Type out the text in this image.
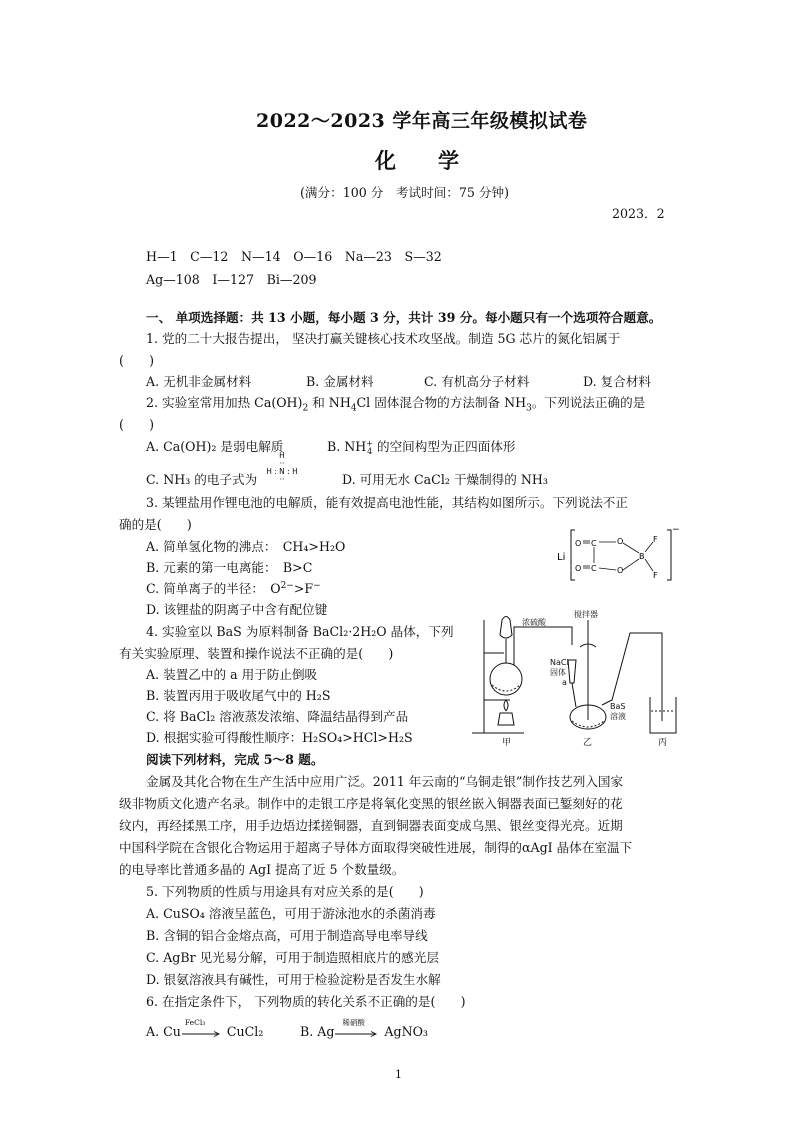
2022～2023 学年高三年级模拟试卷
化　　学
(满分：100 分　考试时间：75 分钟)
2023．2
H—1　C—12　N—14　O—16　Na—23　S—32
Ag—108　I—127　Bi—209
一、 单项选择题：共 13 小题，每小题 3 分，共计 39 分。每小题只有一个选项符合题意。
1. 党的二十大报告提出， 坚决打赢关键核心技术攻坚战。制造 5G 芯片的氮化铝属于
(　　)
A. 无机非金属材料	B. 金属材料	C. 有机高分子材料	D. 复合材料
2. 实验室常用加热 $Ca(OH)_2$ 和 $NH_4Cl$ 固体混合物的方法制备 $NH_3$。下列说法正确的是
(　　)
A. Ca(OH)₂ 是弱电解质	B. NH +
4 的空间构型为正四面体形
C. NH₃ 的电子式为
H
··
H : N : H
··	D. 可用无水 CaCl₂ 干燥制得的 NH₃
3. 某锂盐用作锂电池的电解质，能有效提高电池性能，其结构如图所示。下列说法不正
确的是(　　)
A. 简单氢化物的沸点：　CH₄>H₂O
B. 元素的第一电离能：　B>C
C. 简单离子的半径：　$O^{2-}>F^-$
D. 该锂盐的阴离子中含有配位键
Li
−
C
C
O
O
O
O
B
F
F
4. 实验室以 BaS 为原料制备 BaCl₂·2H₂O 晶体，下列
有关实验原理、装置和操作说法不正确的是(　　)
A. 装置乙中的 a 用于防止倒吸
B. 装置丙用于吸收尾气中的 H₂S
C. 将 BaCl₂ 溶液蒸发浓缩、降温结晶得到产品
D. 根据实验可得酸性顺序：H₂SO₄>HCl>H₂S
浓硫酸
搅拌器
NaCl
固体
a
BaS
溶液
甲	乙	丙
阅读下列材料，完成 5～8 题。
金属及其化合物在生产生活中应用广泛。2011 年云南的“乌铜走银”制作技艺列入国家
级非物质文化遗产名录。制作中的走银工序是将氧化变黑的银丝嵌入铜器表面已錾刻好的花
纹内，再经揉黑工序，用手边焐边揉搓铜器，直到铜器表面变成乌黑、银丝变得光亮。近期
中国科学院在含银化合物运用于超离子导体方面取得突破性进展，制得的αAgI 晶体在室温下
的电导率比普通多晶的 AgI 提高了近 5 个数量级。
5. 下列物质的性质与用途具有对应关系的是(　　)
A. CuSO₄ 溶液呈蓝色，可用于游泳池水的杀菌消毒
B. 含铜的铝合金熔点高，可用于制造高导电率导线
C. AgBr 见光易分解，可用于制造照相底片的感光层
D. 银氨溶液具有碱性，可用于检验淀粉是否发生水解
6. 在指定条件下， 下列物质的转化关系不正确的是(　　)
A. Cu
FeCl₃
CuCl₂	B. Ag
稀硝酸
AgNO₃
1
